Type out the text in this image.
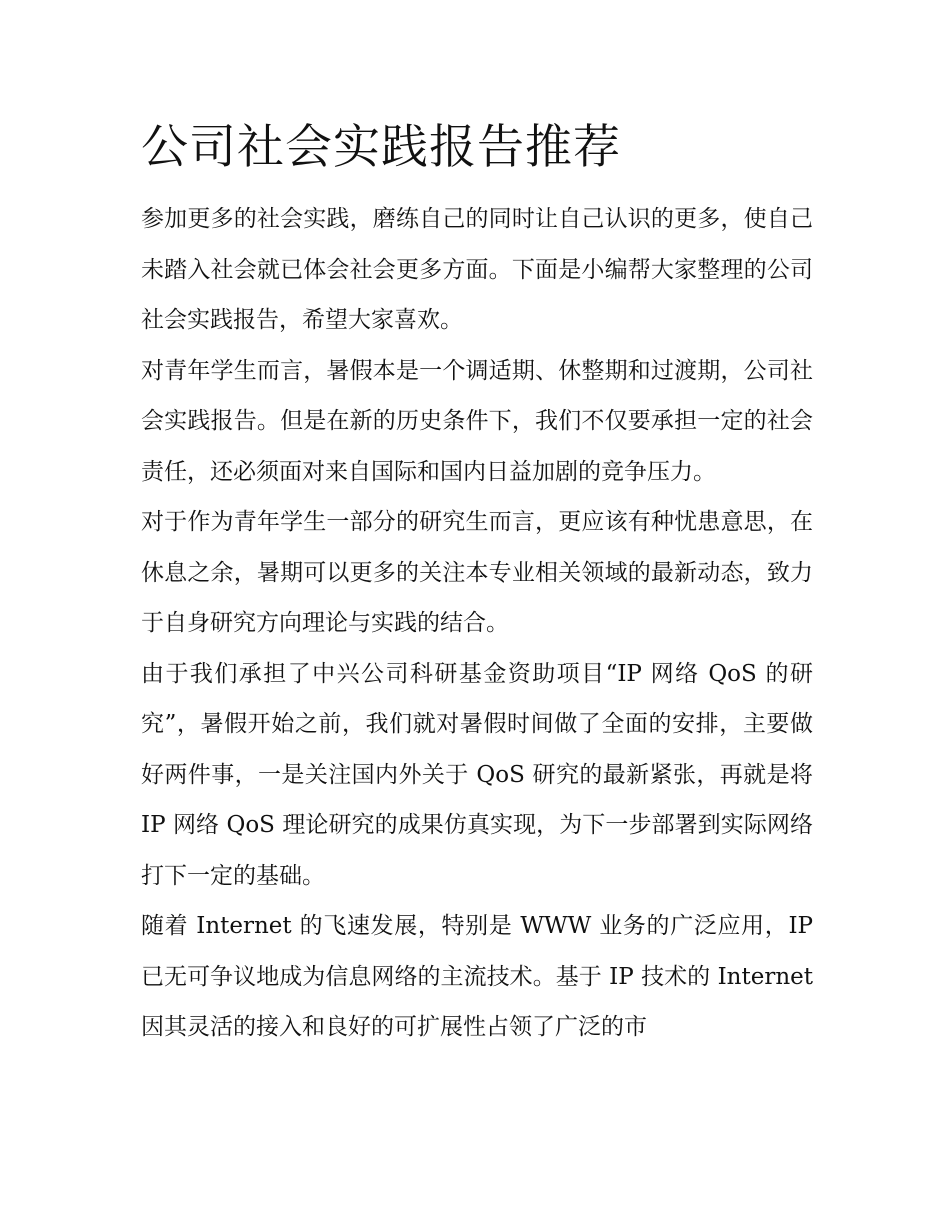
公司社会实践报告推荐

参加更多的社会实践，磨练自己的同时让自己认识的更多，使自己未踏入社会就已体会社会更多方面。下面是小编帮大家整理的公司社会实践报告，希望大家喜欢。

对青年学生而言，暑假本是一个调适期、休整期和过渡期，公司社会实践报告。但是在新的历史条件下，我们不仅要承担一定的社会责任，还必须面对来自国际和国内日益加剧的竞争压力。

对于作为青年学生一部分的研究生而言，更应该有种忧患意思，在休息之余，暑期可以更多的关注本专业相关领域的最新动态，致力于自身研究方向理论与实践的结合。

由于我们承担了中兴公司科研基金资助项目“IP 网络 QoS 的研究”，暑假开始之前，我们就对暑假时间做了全面的安排，主要做好两件事，一是关注国内外关于 QoS 研究的最新紧张，再就是将 IP 网络 QoS 理论研究的成果仿真实现，为下一步部署到实际网络打下一定的基础。

随着 Internet 的飞速发展，特别是 WWW 业务的广泛应用，IP 已无可争议地成为信息网络的主流技术。基于 IP 技术的 Internet 因其灵活的接入和良好的可扩展性占领了广泛的市
